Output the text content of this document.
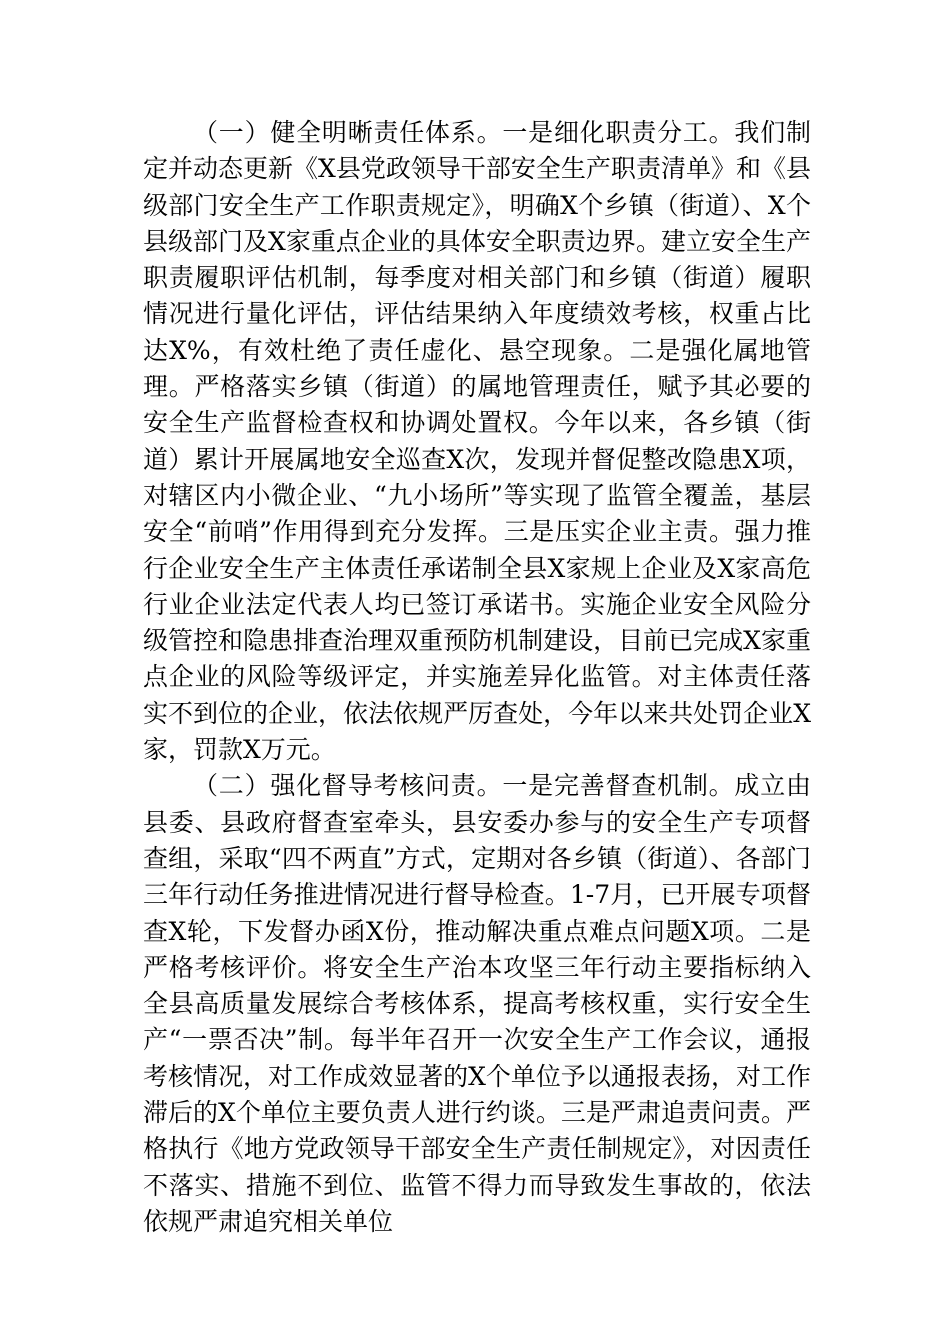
（一）健全明晰责任体系。一是细化职责分工。我们制定并动态更新《X县党政领导干部安全生产职责清单》和《县级部门安全生产工作职责规定》，明确X个乡镇（街道）、X个县级部门及X家重点企业的具体安全职责边界。建立安全生产职责履职评估机制，每季度对相关部门和乡镇（街道）履职情况进行量化评估，评估结果纳入年度绩效考核，权重占比达X%，有效杜绝了责任虚化、悬空现象。二是强化属地管理。严格落实乡镇（街道）的属地管理责任，赋予其必要的安全生产监督检查权和协调处置权。今年以来，各乡镇（街道）累计开展属地安全巡查X次，发现并督促整改隐患X项，对辖区内小微企业、“九小场所”等实现了监管全覆盖，基层安全“前哨”作用得到充分发挥。三是压实企业主责。强力推行企业安全生产主体责任承诺制全县X家规上企业及X家高危行业企业法定代表人均已签订承诺书。实施企业安全风险分级管控和隐患排查治理双重预防机制建设，目前已完成X家重点企业的风险等级评定，并实施差异化监管。对主体责任落实不到位的企业，依法依规严厉查处，今年以来共处罚企业X家，罚款X万元。

（二）强化督导考核问责。一是完善督查机制。成立由县委、县政府督查室牵头，县安委办参与的安全生产专项督查组，采取“四不两直”方式，定期对各乡镇（街道）、各部门三年行动任务推进情况进行督导检查。1-7月，已开展专项督查X轮，下发督办函X份，推动解决重点难点问题X项。二是严格考核评价。将安全生产治本攻坚三年行动主要指标纳入全县高质量发展综合考核体系，提高考核权重，实行安全生产“一票否决”制。每半年召开一次安全生产工作会议，通报考核情况，对工作成效显著的X个单位予以通报表扬，对工作滞后的X个单位主要负责人进行约谈。三是严肃追责问责。严格执行《地方党政领导干部安全生产责任制规定》，对因责任不落实、措施不到位、监管不得力而导致发生事故的，依法依规严肃追究相关单位
